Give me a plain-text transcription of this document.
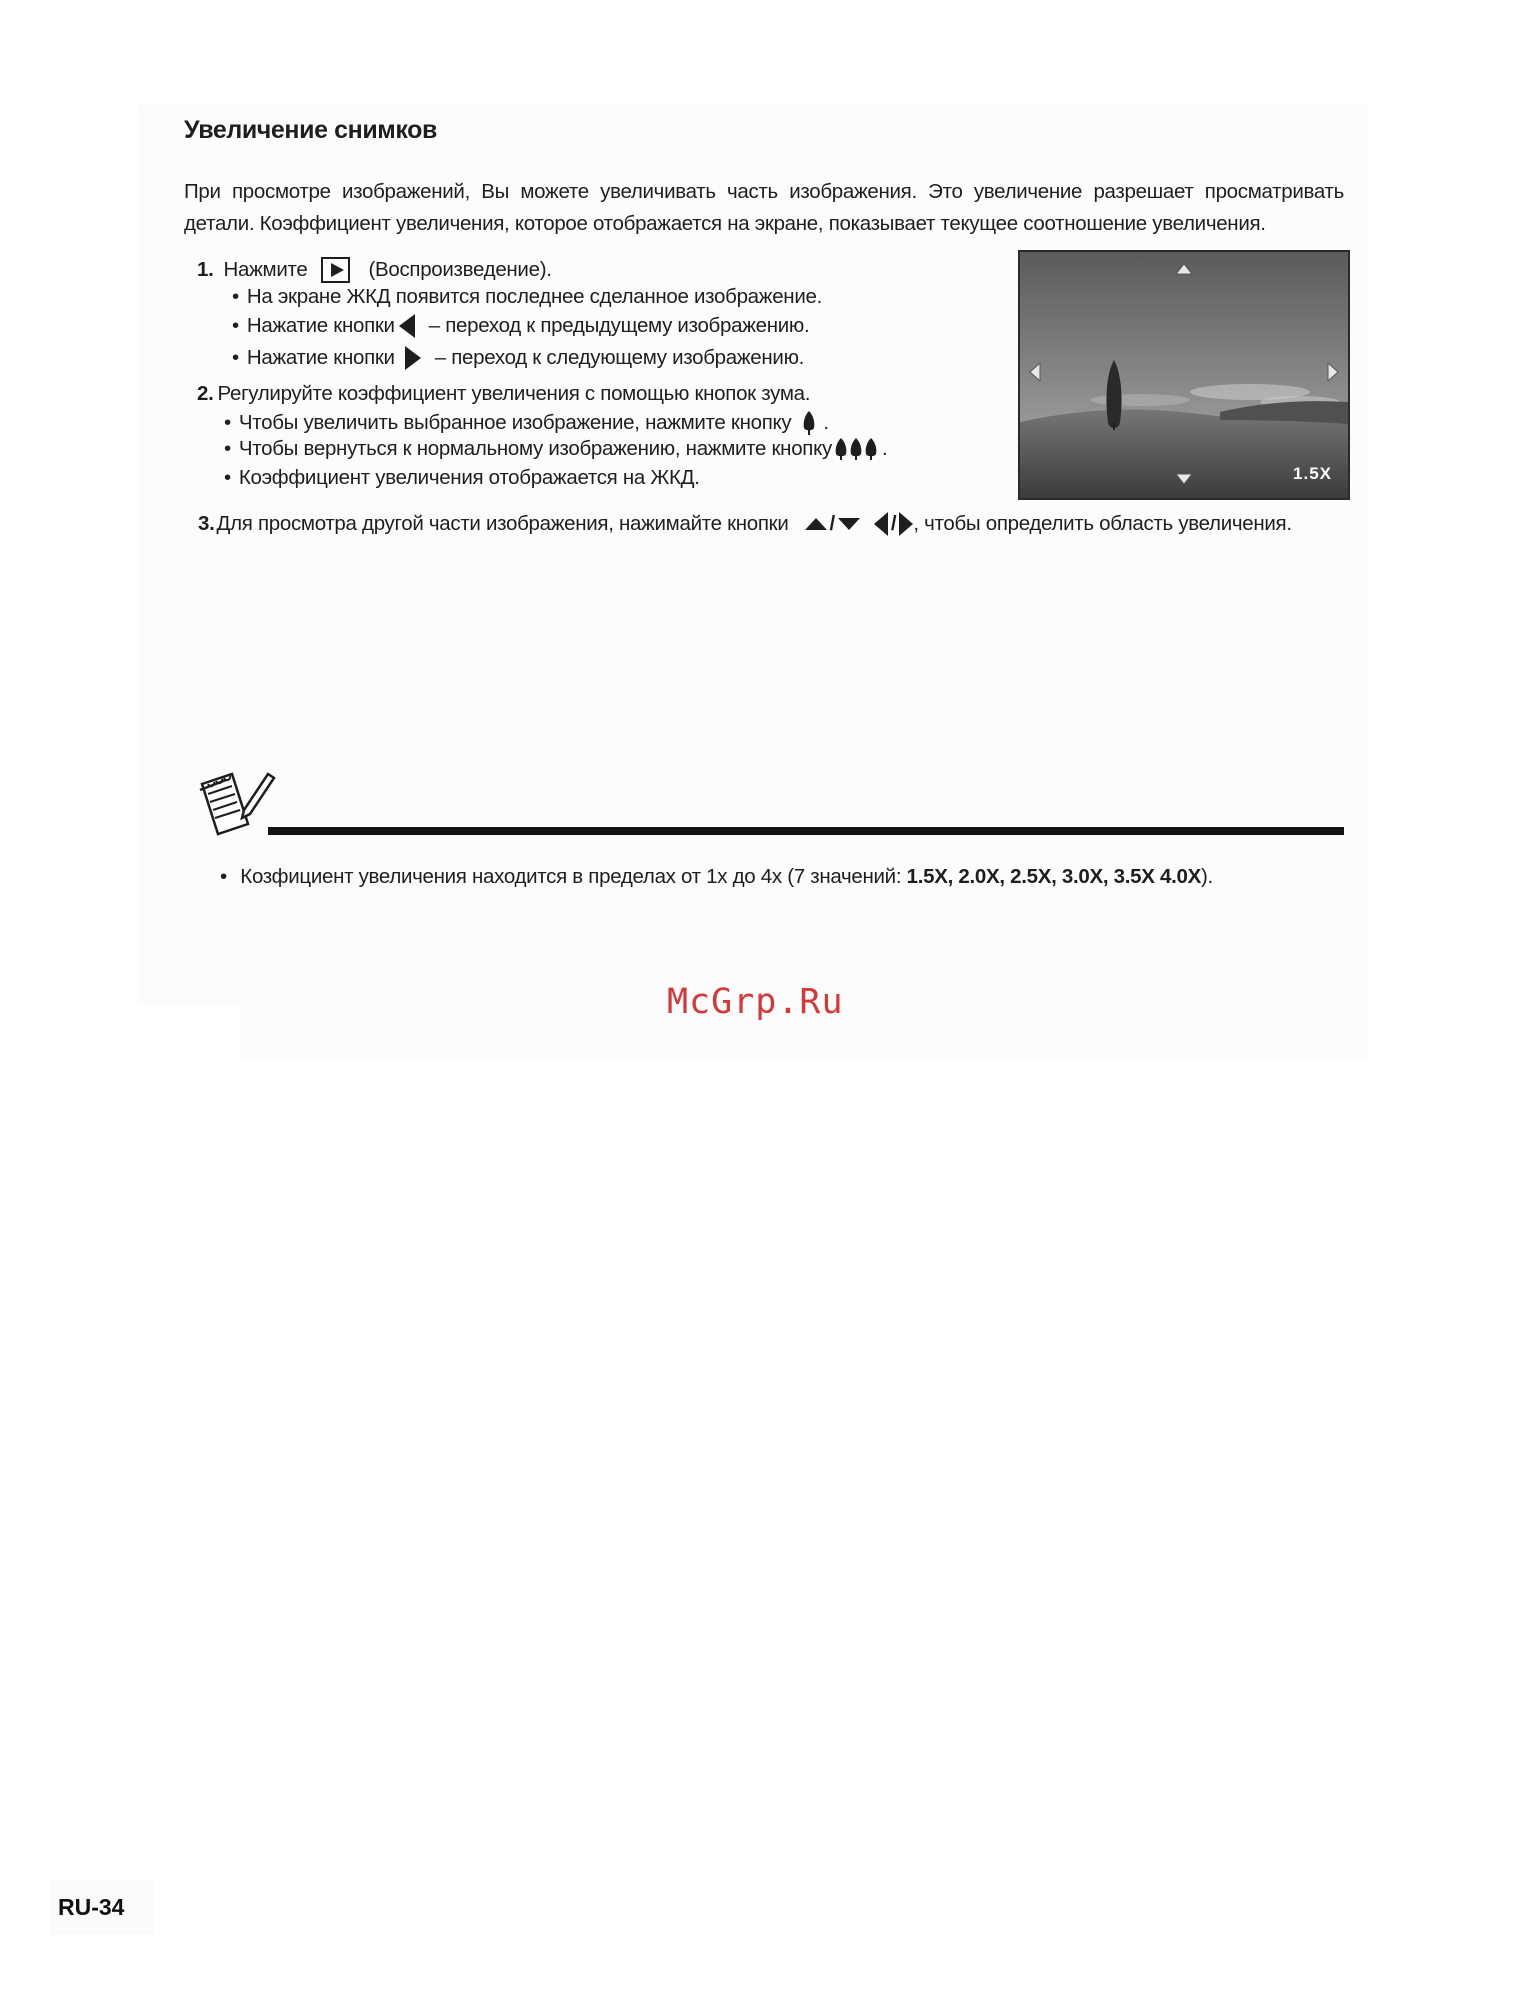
Увеличение снимков
При просмотре изображений, Вы можете увеличивать часть изображения. Это увеличение разрешает просматривать детали. Коэффициент увеличения, которое отображается на экране, показывает текущее соотношение увеличения.
1. Нажмите	(Воспроизведение).
• На экране ЖКД появится последнее сделанное изображение.
• Нажатие кнопки – переход к предыдущему изображению.
• Нажатие кнопки – переход к следующему изображению.
2. Регулируйте коэффициент увеличения с помощью кнопок зума.
• Чтобы увеличить выбранное изображение, нажмите кнопку .
• Чтобы вернуться к нормальному изображению, нажмите кнопку .
• Коэффициент увеличения отображается на ЖКД.
3. Для просмотра другой части изображения, нажимайте кнопки /	/ , чтобы определить область увеличения.
1.5X
• Козфициент увеличения находится в пределах от 1х до 4х (7 значений: 1.5X, 2.0X, 2.5X, 3.0X, 3.5X 4.0X).
McGrp.Ru
RU-34
